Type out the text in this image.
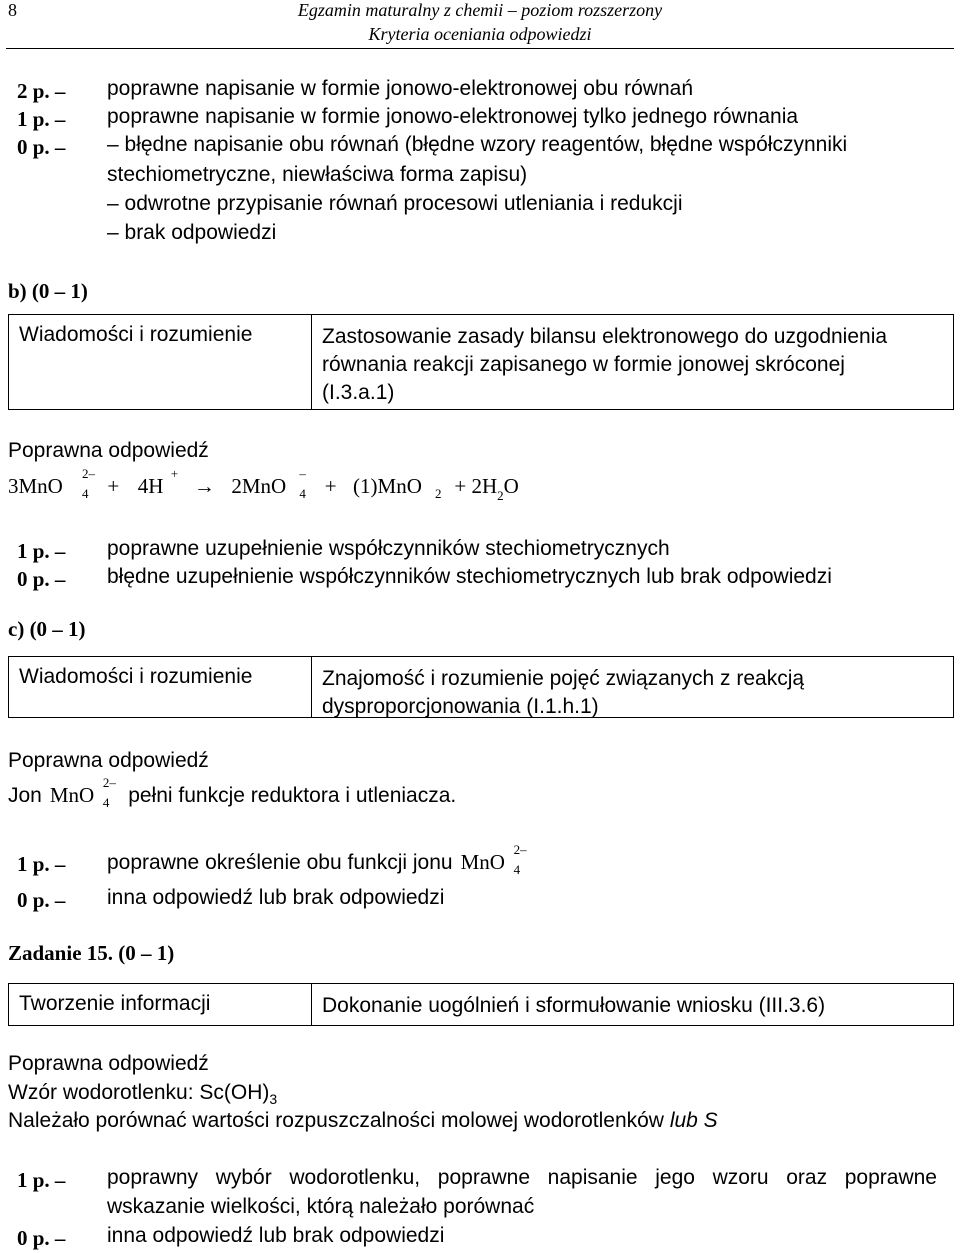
8	Egzamin maturalny z chemii – poziom rozszerzony
Kryteria oceniania odpowiedzi
2 p. – poprawne napisanie w formie jonowo-elektronowej obu równań
1 p. – poprawne napisanie w formie jonowo-elektronowej tylko jednego równania
0 p. – – błędne napisanie obu równań (błędne wzory reagentów, błędne współczynniki
stechiometryczne, niewłaściwa forma zapisu)
– odwrotne przypisanie równań procesowi utleniania i redukcji
– brak odpowiedzi
b) (0 – 1)
Wiadomości i rozumienie	Zastosowanie zasady bilansu elektronowego do uzgodnienia
równania reakcji zapisanego w formie jonowej skróconej
(I.3.a.1)
Poprawna odpowiedź
3MnO
2–
4 + 4H
+
→ 2MnO
–
4 + (1)MnO $2 + 2H_2O$
1 p. – poprawne uzupełnienie współczynników stechiometrycznych
0 p. – błędne uzupełnienie współczynników stechiometrycznych lub brak odpowiedzi
c) (0 – 1)
Wiadomości i rozumienie	Znajomość i rozumienie pojęć związanych z reakcją
dysproporcjonowania (I.1.h.1)
Poprawna odpowiedź
Jon MnO
2–
4 pełni funkcje reduktora i utleniacza.
1 p. – poprawne określenie obu funkcji jonu MnO
2–
4
0 p. – inna odpowiedź lub brak odpowiedzi
Zadanie 15. (0 – 1)
Tworzenie informacji	Dokonanie uogólnień i sformułowanie wniosku (III.3.6)
Poprawna odpowiedź
Wzór wodorotlenku: $Sc(OH)_3$
Należało porównać wartości rozpuszczalności molowej wodorotlenków lub S
1 p. – poprawny wybór wodorotlenku, poprawne napisanie jego wzoru oraz poprawne
wskazanie wielkości, którą należało porównać
0 p. – inna odpowiedź lub brak odpowiedzi
